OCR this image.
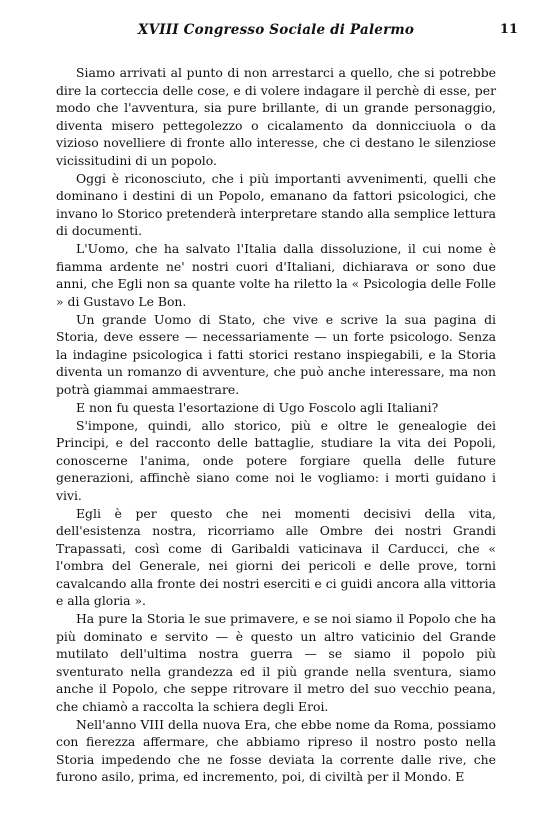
XVIII Congresso Sociale di Palermo	11

Siamo arrivati al punto di non arrestarci a quello, che si potrebbe dire la corteccia delle cose, e di volere indagare il perchè di esse, per modo che l'avventura, sia pure brillante, di un grande personaggio, diventa misero pettegolezzo o cicalamento da donnicciuola o da vizioso novelliere di fronte allo interesse, che ci destano le silenziose vicissitudini di un popolo.

Oggi è riconosciuto, che i più importanti avvenimenti, quelli che dominano i destini di un Popolo, emanano da fattori psicologici, che invano lo Storico pretenderà interpretare stando alla semplice lettura di documenti.

L'Uomo, che ha salvato l'Italia dalla dissoluzione, il cui nome è fiamma ardente ne' nostri cuori d'Italiani, dichiarava or sono due anni, che Egli non sa quante volte ha riletto la « Psicologia delle Folle » di Gustavo Le Bon.

Un grande Uomo di Stato, che vive e scrive la sua pagina di Storia, deve essere — necessariamente — un forte psicologo. Senza la indagine psicologica i fatti storici restano inspiegabili, e la Storia diventa un romanzo di avventure, che può anche interessare, ma non potrà giammai ammaestrare.

E non fu questa l'esortazione di Ugo Foscolo agli Italiani?

S'impone, quindi, allo storico, più e oltre le genealogie dei Principi, e del racconto delle battaglie, studiare la vita dei Popoli, conoscerne l'anima, onde potere forgiare quella delle future generazioni, affinchè siano come noi le vogliamo: i morti guidano i vivi.

Egli è per questo che nei momenti decisivi della vita, dell'esistenza nostra, ricorriamo alle Ombre dei nostri Grandi Trapassati, così come di Garibaldi vaticinava il Carducci, che « l'ombra del Generale, nei giorni dei pericoli e delle prove, torni cavalcando alla fronte dei nostri eserciti e ci guidi ancora alla vittoria e alla gloria ».

Ha pure la Storia le sue primavere, e se noi siamo il Popolo che ha più dominato e servito — è questo un altro vaticinio del Grande mutilato dell'ultima nostra guerra — se siamo il popolo più sventurato nella grandezza ed il più grande nella sventura, siamo anche il Popolo, che seppe ritrovare il metro del suo vecchio peana, che chiamò a raccolta la schiera degli Eroi.

Nell'anno VIII della nuova Era, che ebbe nome da Roma, possiamo con fierezza affermare, che abbiamo ripreso il nostro posto nella Storia impedendo che ne fosse deviata la corrente dalle rive, che furono asilo, prima, ed incremento, poi, di civiltà per il Mondo. E
